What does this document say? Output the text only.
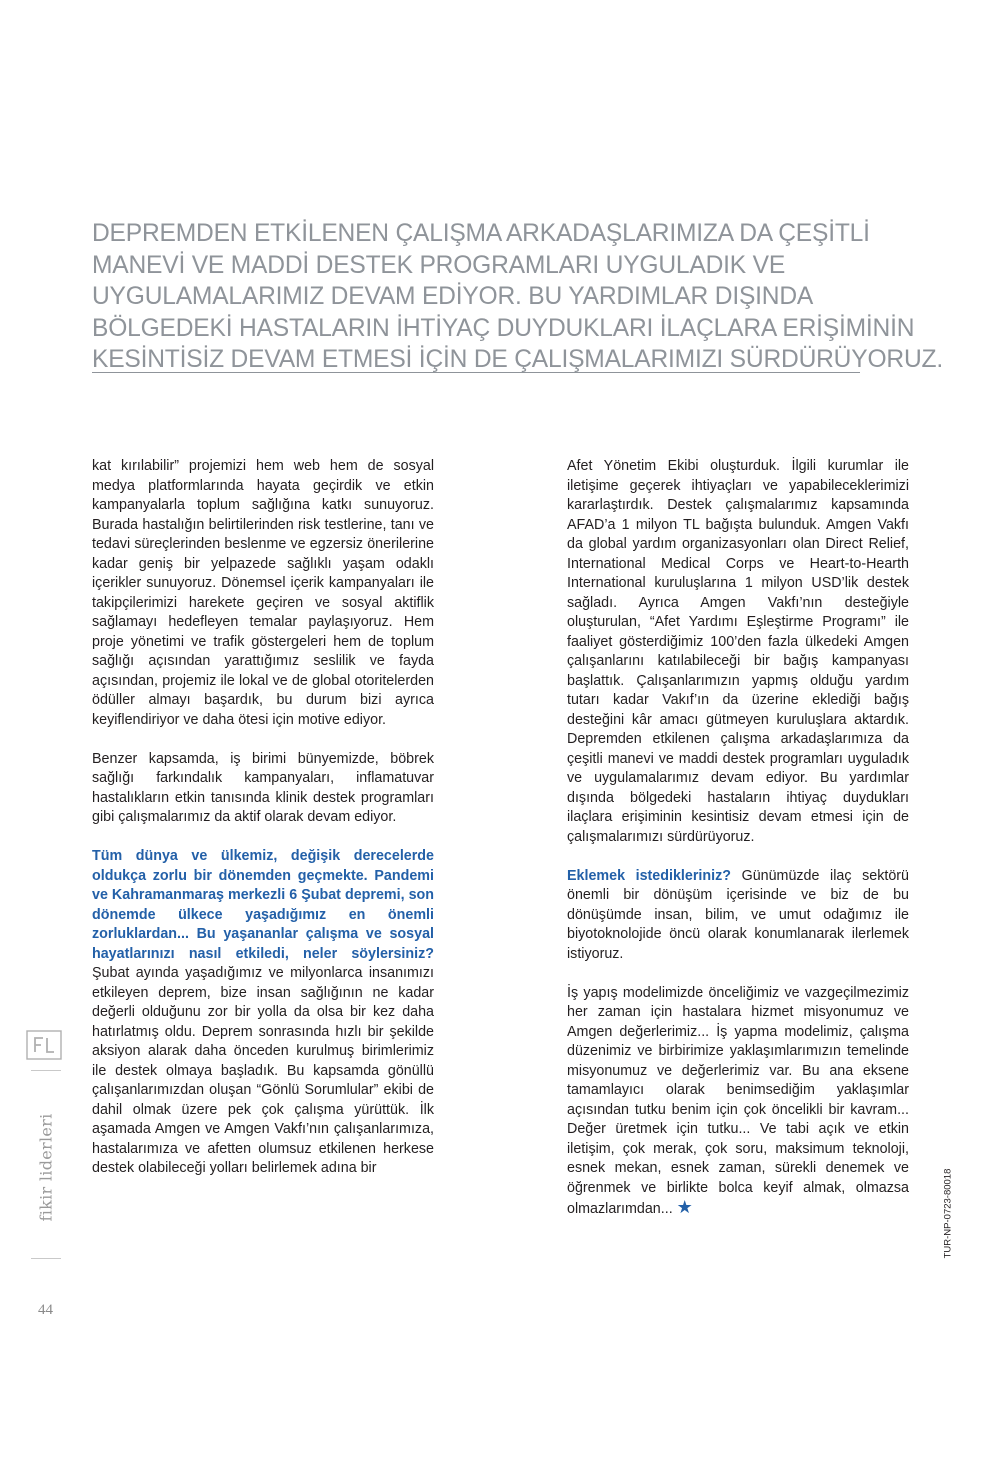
DEPREMDEN ETKİLENEN ÇALIŞMA ARKADAŞLARIMIZA DA ÇEŞİTLİ
MANEVİ VE MADDİ DESTEK PROGRAMLARI UYGULADIK VE
UYGULAMALARIMIZ DEVAM EDİYOR. BU YARDIMLAR DIŞINDA
BÖLGEDEKİ HASTALARIN İHTİYAÇ DUYDUKLARI İLAÇLARA ERİŞİMİNİN
KESİNTİSİZ DEVAM ETMESİ İÇİN DE ÇALIŞMALARIMIZI SÜRDÜRÜYORUZ.

kat kırılabilir” projemizi hem web hem de sosyal medya platformlarında hayata geçirdik ve etkin kampanyalarla toplum sağlığına katkı sunuyoruz. Burada hastalığın belirtilerinden risk testlerine, tanı ve tedavi süreçlerinden beslenme ve egzersiz önerilerine kadar geniş bir yelpazede sağlıklı yaşam odaklı içerikler sunuyoruz. Dönemsel içerik kampanyaları ile takipçilerimizi harekete geçiren ve sosyal aktiflik sağlamayı hedefleyen temalar paylaşıyoruz. Hem proje yönetimi ve trafik göstergeleri hem de toplum sağlığı açısından yarattığımız seslilik ve fayda açısından, projemiz ile lokal ve de global otoritelerden ödüller almayı başardık, bu durum bizi ayrıca keyiflendiriyor ve daha ötesi için motive ediyor.

Benzer kapsamda, iş birimi bünyemizde, böbrek sağlığı farkındalık kampanyaları, inflamatuvar hastalıkların etkin tanısında klinik destek programları gibi çalışmalarımız da aktif olarak devam ediyor.

Tüm dünya ve ülkemiz, değişik derecelerde oldukça zorlu bir dönemden geçmekte. Pandemi ve Kahramanmaraş merkezli 6 Şubat depremi, son dönemde ülkece yaşadığımız en önemli zorluklardan... Bu yaşananlar çalışma ve sosyal hayatlarınızı nasıl etkiledi, neler söylersiniz? Şubat ayında yaşadığımız ve milyonlarca insanımızı etkileyen deprem, bize insan sağlığının ne kadar değerli olduğunu zor bir yolla da olsa bir kez daha hatırlatmış oldu. Deprem sonrasında hızlı bir şekilde aksiyon alarak daha önceden kurulmuş birimlerimiz ile destek olmaya başladık. Bu kapsamda gönüllü çalışanlarımızdan oluşan “Gönlü Sorumlular” ekibi de dahil olmak üzere pek çok çalışma yürüttük. İlk aşamada Amgen ve Amgen Vakfı’nın çalışanlarımıza, hastalarımıza ve afetten olumsuz etkilenen herkese destek olabileceği yolları belirlemek adına bir

Afet Yönetim Ekibi oluşturduk. İlgili kurumlar ile iletişime geçerek ihtiyaçları ve yapabileceklerimizi kararlaştırdık. Destek çalışmalarımız kapsamında AFAD’a 1 milyon TL bağışta bulunduk. Amgen Vakfı da global yardım organizasyonları olan Direct Relief, International Medical Corps ve Heart-to-Hearth International kuruluşlarına 1 milyon USD’lik destek sağladı. Ayrıca Amgen Vakfı’nın desteğiyle oluşturulan, “Afet Yardımı Eşleştirme Programı” ile faaliyet gösterdiğimiz 100’den fazla ülkedeki Amgen çalışanlarını katılabileceği bir bağış kampanyası başlattık. Çalışanlarımızın yapmış olduğu yardım tutarı kadar Vakıf’ın da üzerine eklediği bağış desteğini kâr amacı gütmeyen kuruluşlara aktardık. Depremden etkilenen çalışma arkadaşlarımıza da çeşitli manevi ve maddi destek programları uyguladık ve uygulamalarımız devam ediyor. Bu yardımlar dışında bölgedeki hastaların ihtiyaç duydukları ilaçlara erişiminin kesintisiz devam etmesi için de çalışmalarımızı sürdürüyoruz.

Eklemek istedikleriniz? Günümüzde ilaç sektörü önemli bir dönüşüm içerisinde ve biz de bu dönüşümde insan, bilim, ve umut odağımız ile biyotoknolojide öncü olarak konumlanarak ilerlemek istiyoruz.

İş yapış modelimizde önceliğimiz ve vazgeçilmezimiz her zaman için hastalara hizmet misyonumuz ve Amgen değerlerimiz... İş yapma modelimiz, çalışma düzenimiz ve birbirimize yaklaşımlarımızın temelinde misyonumuz ve değerlerimiz var. Bu ana eksene tamamlayıcı olarak benimsediğim yaklaşımlar açısından tutku benim için çok öncelikli bir kavram... Değer üretmek için tutku... Ve tabi açık ve etkin iletişim, çok merak, çok soru, maksimum teknoloji, esnek mekan, esnek zaman, sürekli denemek ve öğrenmek ve birlikte bolca keyif almak, olmazsa olmazlarımdan... ★

FL
fikir liderleri
44
TUR-NP-0723-80018
